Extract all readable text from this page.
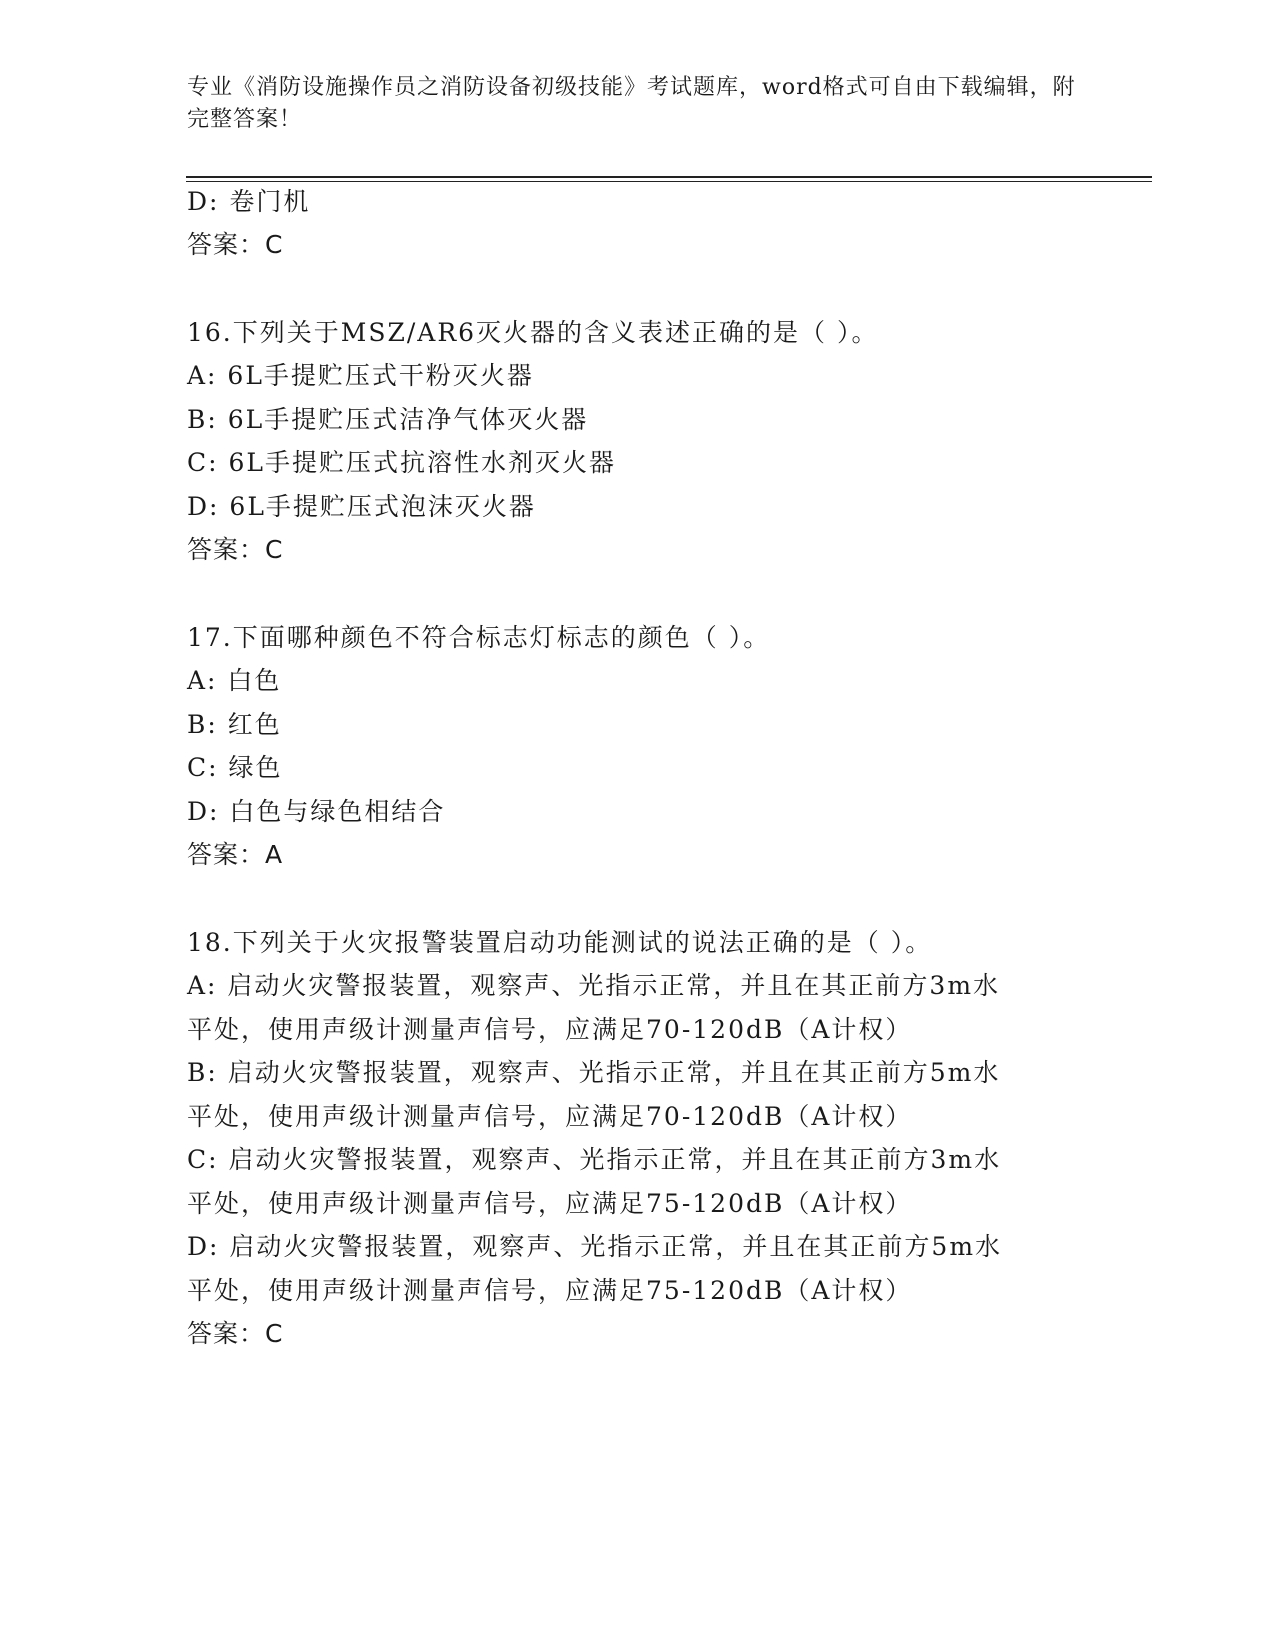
专业《消防设施操作员之消防设备初级技能》考试题库，word格式可自由下载编辑，附完整答案！
D: 卷门机
答案：C
16.下列关于MSZ/AR6灭火器的含义表述正确的是（ ）。
A: 6L手提贮压式干粉灭火器
B: 6L手提贮压式洁净气体灭火器
C: 6L手提贮压式抗溶性水剂灭火器
D: 6L手提贮压式泡沫灭火器
答案：C
17.下面哪种颜色不符合标志灯标志的颜色（ ）。
A: 白色
B: 红色
C: 绿色
D: 白色与绿色相结合
答案：A
18.下列关于火灾报警装置启动功能测试的说法正确的是（ ）。
A: 启动火灾警报装置，观察声、光指示正常，并且在其正前方3m水
平处，使用声级计测量声信号，应满足70-120dB（A计权）
B: 启动火灾警报装置，观察声、光指示正常，并且在其正前方5m水
平处，使用声级计测量声信号，应满足70-120dB（A计权）
C: 启动火灾警报装置，观察声、光指示正常，并且在其正前方3m水
平处，使用声级计测量声信号，应满足75-120dB（A计权）
D: 启动火灾警报装置，观察声、光指示正常，并且在其正前方5m水
平处，使用声级计测量声信号，应满足75-120dB（A计权）
答案：C
